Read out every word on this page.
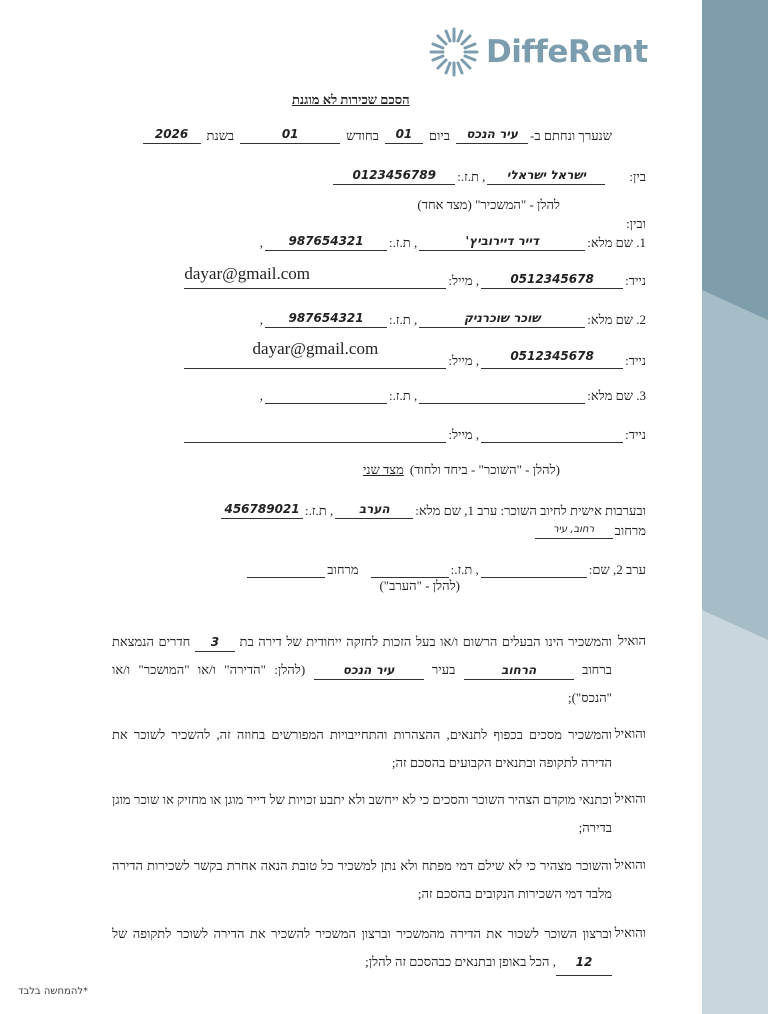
DiffeRent
הסכם שכירות לא מוגנת
שנערך ונחתם ב-
עיר הנכס
ביום
01
בחודש
01
בשנת
2026
בין:
ישראל ישראלי
, ת.ז.:
0123456789
להלן - "המשכיר" (מצד אחד)
ובין:
1. שם מלא:
דייר דיירוביץ'
, ת.ז.:
987654321
,
נייד:
0512345678
, מייל:
dayar@gmail.com
2. שם מלא:
שוכר שוכרניק
, ת.ז.:
987654321
,
נייד:
0512345678
, מייל:
dayar@gmail.com
3. שם מלא:
, ת.ז.:
,
נייד:
, מייל:
(להלן - "השוכר" - ביחד ולחוד)
מצד שני
ובערבות אישית לחיוב השוכר: ערב 1, שם מלא:
הערב
, ת.ז.:
456789021
מרחוב
רחוב, עיר
ערב 2, שם:
, ת.ז.:
מרחוב
(להלן - "הערב")
הואיל
והמשכיר הינו הבעלים הרשום ו/או בעל הזכות לחזקה ייחודית של דירה בת 3 חדרים הנמצאת ברחוב הרחוב בעיר עיר הנכס (להלן: "הדירה" ו/או "המושכר" ו/או "הנכס");
והואיל
והמשכיר מסכים בכפוף לתנאים, ההצהרות והתחייבויות המפורשים בחוזה זה, להשכיר לשוכר את הדירה לתקופה ובתנאים הקבועים בהסכם זה;
והואיל
וכתנאי מוקדם הצהיר השוכר והסכים כי לא ייחשב ולא יתבע זכויות של דייר מוגן או מחזיק או שוכר מוגן בדירה;
והואיל
והשוכר מצהיר כי לא שילם דמי מפתח ולא נתן למשכיר כל טובת הנאה אחרת בקשר לשכירות הדירה מלבד דמי השכירות הנקובים בהסכם זה;
והואיל
וברצון השוכר לשכור את הדירה מהמשכיר וברצון המשכיר להשכיר את הדירה לשוכר לתקופה של 12, הכל באופן ובתנאים כבהסכם זה להלן;
*להמחשה בלבד
